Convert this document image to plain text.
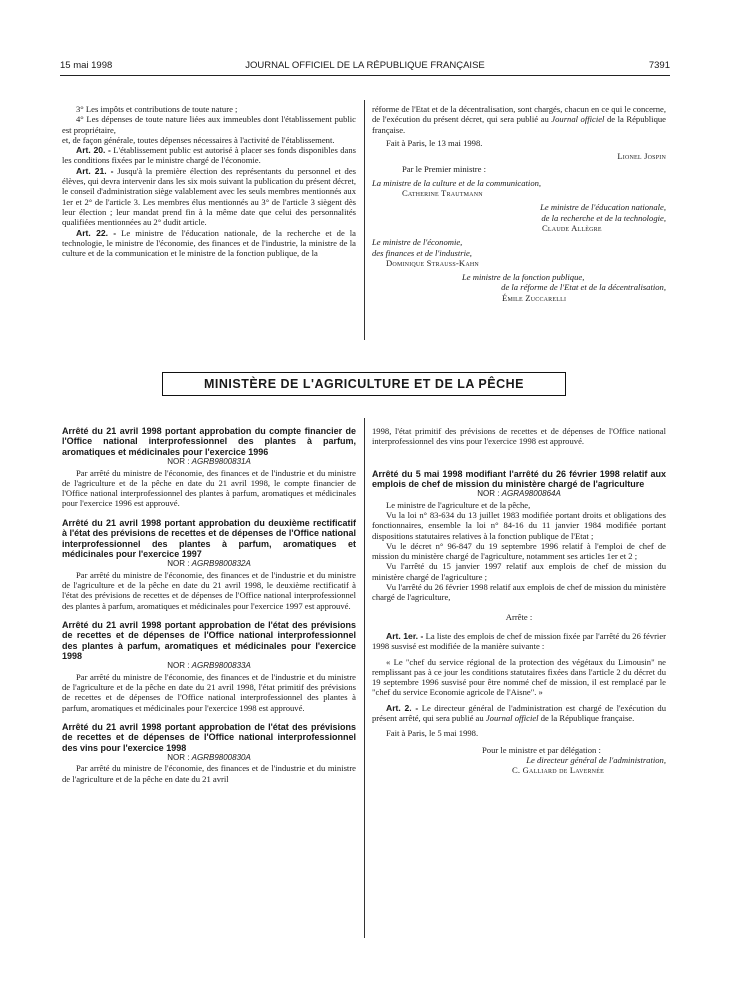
15 mai 1998	JOURNAL OFFICIEL DE LA RÉPUBLIQUE FRANÇAISE	7391

3° Les impôts et contributions de toute nature ;

4° Les dépenses de toute nature liées aux immeubles dont l'établissement public est propriétaire,

et, de façon générale, toutes dépenses nécessaires à l'activité de l'établissement.

Art. 20. - L'établissement public est autorisé à placer ses fonds disponibles dans les conditions fixées par le ministre chargé de l'économie.

Art. 21. - Jusqu'à la première élection des représentants du personnel et des élèves, qui devra intervenir dans les six mois suivant la publication du présent décret, le conseil d'administration siège valablement avec les seuls membres mentionnés aux 1er et 2° de l'article 3. Les membres élus mentionnés au 3° de l'article 3 siègent dès leur élection ; leur mandat prend fin à la même date que celui des personnalités qualifiées mentionnées au 2° dudit article.

Art. 22. - Le ministre de l'éducation nationale, de la recherche et de la technologie, le ministre de l'économie, des finances et de l'industrie, la ministre de la culture et de la communication et le ministre de la fonction publique, de la

réforme de l'Etat et de la décentralisation, sont chargés, chacun en ce qui le concerne, de l'exécution du présent décret, qui sera publié au Journal officiel de la République française.

Fait à Paris, le 13 mai 1998.

Lionel Jospin

Par le Premier ministre :

La ministre de la culture et de la communication,

Catherine Trautmann

Le ministre de l'éducation nationale,

de la recherche et de la technologie,

Claude Allègre

Le ministre de l'économie,

des finances et de l'industrie,

Dominique Strauss-Kahn

Le ministre de la fonction publique,

de la réforme de l'Etat et de la décentralisation,

Émile Zuccarelli

MINISTÈRE DE L'AGRICULTURE ET DE LA PÊCHE

Arrêté du 21 avril 1998 portant approbation du compte financier de l'Office national interprofessionnel des plantes à parfum, aromatiques et médicinales pour l'exercice 1996

NOR : AGRB9800831A

Par arrêté du ministre de l'économie, des finances et de l'industrie et du ministre de l'agriculture et de la pêche en date du 21 avril 1998, le compte financier de l'Office national interprofessionnel des plantes à parfum, aromatiques et médicinales pour l'exercice 1996 est approuvé.

Arrêté du 21 avril 1998 portant approbation du deuxième rectificatif à l'état des prévisions de recettes et de dépenses de l'Office national interprofessionnel des plantes à parfum, aromatiques et médicinales pour l'exercice 1997

NOR : AGRB9800832A

Par arrêté du ministre de l'économie, des finances et de l'industrie et du ministre de l'agriculture et de la pêche en date du 21 avril 1998, le deuxième rectificatif à l'état des prévisions de recettes et de dépenses de l'Office national interprofessionnel des plantes à parfum, aromatiques et médicinales pour l'exercice 1997 est approuvé.

Arrêté du 21 avril 1998 portant approbation de l'état des prévisions de recettes et de dépenses de l'Office national interprofessionnel des plantes à parfum, aromatiques et médicinales pour l'exercice 1998

NOR : AGRB9800833A

Par arrêté du ministre de l'économie, des finances et de l'industrie et du ministre de l'agriculture et de la pêche en date du 21 avril 1998, l'état primitif des prévisions de recettes et de dépenses de l'Office national interprofessionnel des plantes à parfum, aromatiques et médicinales pour l'exercice 1998 est approuvé.

Arrêté du 21 avril 1998 portant approbation de l'état des prévisions de recettes et de dépenses de l'Office national interprofessionnel des vins pour l'exercice 1998

NOR : AGRB9800830A

Par arrêté du ministre de l'économie, des finances et de l'industrie et du ministre de l'agriculture et de la pêche en date du 21 avril

1998, l'état primitif des prévisions de recettes et de dépenses de l'Office national interprofessionnel des vins pour l'exercice 1998 est approuvé.

Arrêté du 5 mai 1998 modifiant l'arrêté du 26 février 1998 relatif aux emplois de chef de mission du ministère chargé de l'agriculture

NOR : AGRA9800864A

Le ministre de l'agriculture et de la pêche,

Vu la loi n° 83-634 du 13 juillet 1983 modifiée portant droits et obligations des fonctionnaires, ensemble la loi n° 84-16 du 11 janvier 1984 modifiée portant dispositions statutaires relatives à la fonction publique de l'Etat ;

Vu le décret n° 96-847 du 19 septembre 1996 relatif à l'emploi de chef de mission du ministère chargé de l'agriculture, notamment ses articles 1er et 2 ;

Vu l'arrêté du 15 janvier 1997 relatif aux emplois de chef de mission du ministère chargé de l'agriculture ;

Vu l'arrêté du 26 février 1998 relatif aux emplois de chef de mission du ministère chargé de l'agriculture,

Arrête :

Art. 1er. - La liste des emplois de chef de mission fixée par l'arrêté du 26 février 1998 susvisé est modifiée de la manière suivante :

« Le "chef du service régional de la protection des végétaux du Limousin" ne remplissant pas à ce jour les conditions statutaires fixées dans l'article 2 du décret du 19 septembre 1996 susvisé pour être nommé chef de mission, il est remplacé par le "chef du service Economie agricole de l'Aisne". »

Art. 2. - Le directeur général de l'administration est chargé de l'exécution du présent arrêté, qui sera publié au Journal officiel de la République française.

Fait à Paris, le 5 mai 1998.

Pour le ministre et par délégation :

Le directeur général de l'administration,

C. Galliard de Lavernée
